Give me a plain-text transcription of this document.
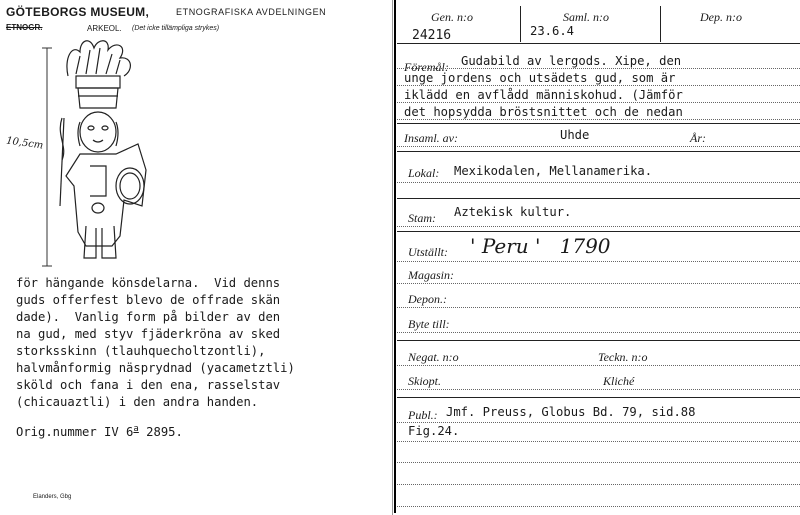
GÖTEBORGS MUSEUM,	ETNOGRAFISKA AVDELNINGEN
ETNOGR.	ARKEOL. (Det icke tillämpliga strykes)
10,5cm
för hängande könsdelarna.  Vid denns
guds offerfest blevo de offrade skän
dade).  Vanlig form på bilder av den
na gud, med styv fjäderkröna av sked
storksskinn (tlauhquecholtzontli),
halvmånformig näsprydnad (yacametztli)
sköld och fana i den ena, rasselstav
(chicauaztli) i den andra handen.
Orig.nummer IV 6$^a$ 2895.
Elanders, Gbg
Gen. n:o
24216
Saml. n:o
23.6.4
Dep. n:o
Föremål: Gudabild av lergods. Xipe, den
unge jordens och utsädets gud, som är
iklädd en avflådd människohud. (Jämför
det hopsydda bröstsnittet och de nedan
Insaml. av:	Uhde	År:
Lokal: Mexikodalen, Mellanamerika.
Stam: Aztekisk kultur.
Utställt: ' Peru '   1790
Magasin:
Depon.:
Byte till:
Negat. n:o	Teckn. n:o
Skiopt.	Kliché
Publ.: Jmf. Preuss, Globus Bd. 79, sid.88
Fig.24.
